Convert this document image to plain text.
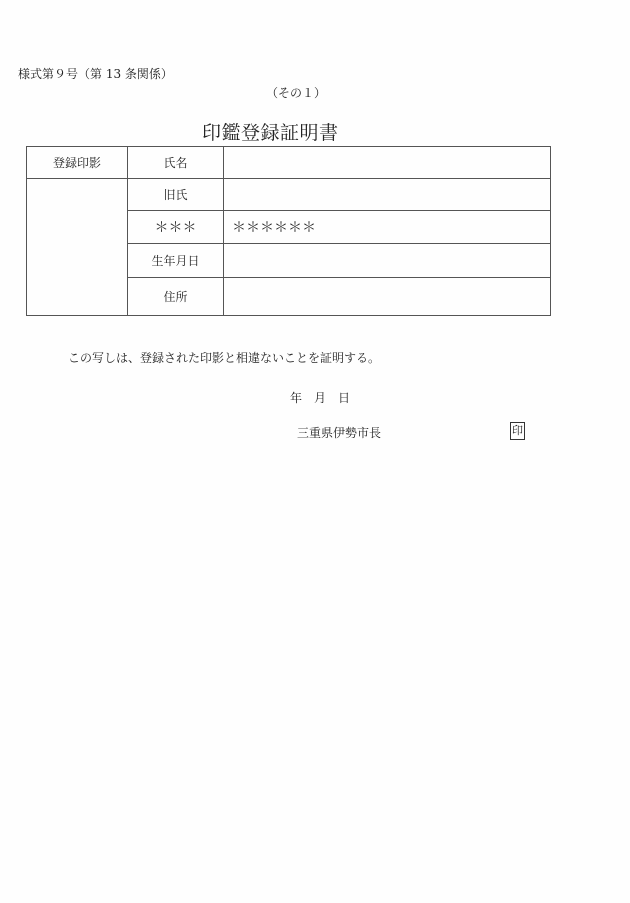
様式第９号（第 13 条関係）
（その１）
印鑑登録証明書
登録印影	氏名	
	旧氏	
	＊＊＊	＊＊＊＊＊＊
	生年月日	
	住所	
この写しは、登録された印影と相違ないことを証明する。
年　月　日
三重県伊勢市長	印
